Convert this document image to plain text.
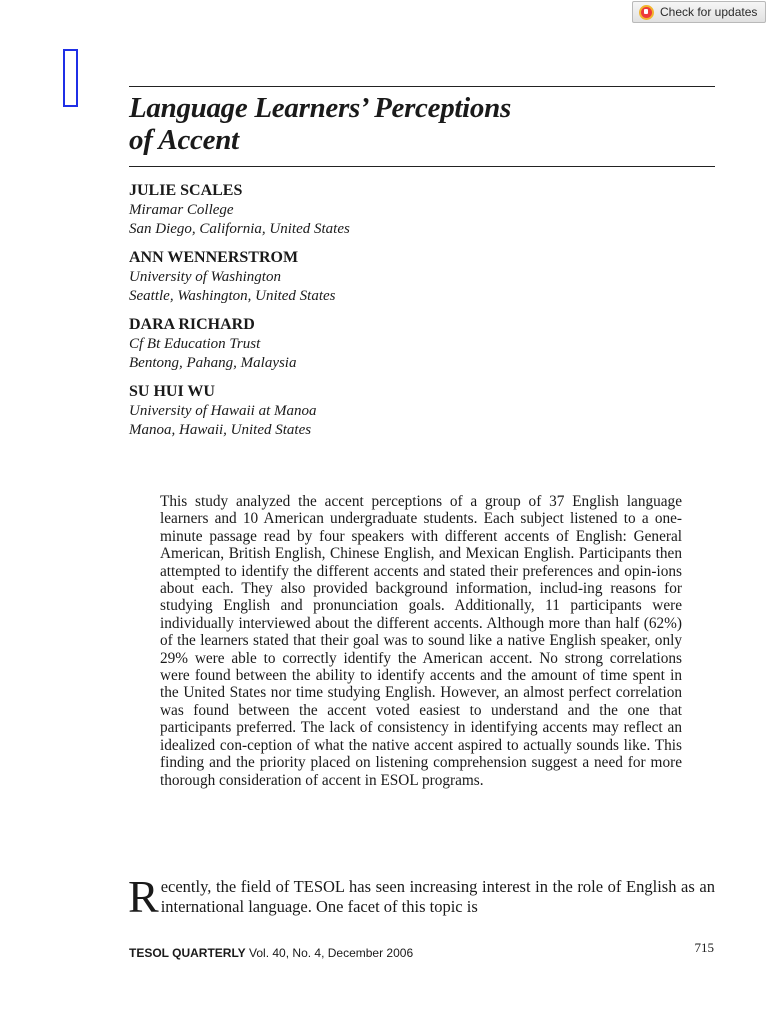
Check for updates
Language Learners’ Perceptions
of Accent
JULIE SCALES
Miramar College
San Diego, California, United States
ANN WENNERSTROM
University of Washington
Seattle, Washington, United States
DARA RICHARD
Cf Bt Education Trust
Bentong, Pahang, Malaysia
SU HUI WU
University of Hawaii at Manoa
Manoa, Hawaii, United States

This study analyzed the accent perceptions of a group of 37 English language learners and 10 American undergraduate students. Each subject listened to a one-minute passage read by four speakers with different accents of English: General American, British English, Chinese English, and Mexican English. Participants then attempted to identify the different accents and stated their preferences and opin-ions about each. They also provided background information, includ-ing reasons for studying English and pronunciation goals. Additionally, 11 participants were individually interviewed about the different accents. Although more than half (62%) of the learners stated that their goal was to sound like a native English speaker, only 29% were able to correctly identify the American accent. No strong correlations were found between the ability to identify accents and the amount of time spent in the United States nor time studying English. However, an almost perfect correlation was found between the accent voted easiest to understand and the one that participants preferred. The lack of consistency in identifying accents may reflect an idealized con-ception of what the native accent aspired to actually sounds like. This finding and the priority placed on listening comprehension suggest a need for more thorough consideration of accent in ESOL programs.

Recently, the field of TESOL has seen increasing interest in the role of English as an international language. One facet of this topic is

TESOL QUARTERLY Vol. 40, No. 4, December 2006	715
